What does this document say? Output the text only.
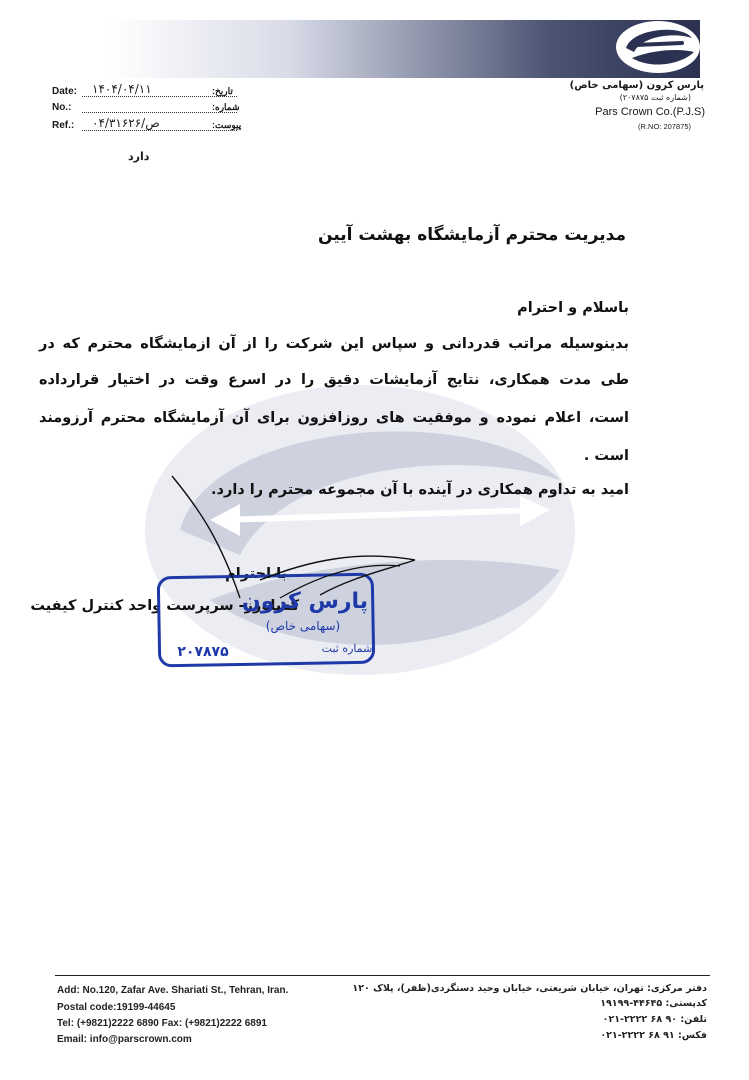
پارس کرون (سهامی خاص)
(شماره ثبت ۲۰۷۸۷۵)
Pars Crown Co.(P.J.S)
(R.NO: 207875)
Date: ۱۴۰۴/۰۴/۱۱	تاریخ:
No.:	شماره:
Ref.: ۰۴/ص/۳۱۶۲۶	پیوست:
دارد
مدیریت محترم آزمایشگاه بهشت آیین
باسلام و احترام
بدینوسیله مراتب قدردانی و سپاس این شرکت را از آن ازمایشگاه محترم که در
طی مدت همکاری، نتایج آزمایشات دقیق را در اسرع وقت در اختیار قرارداده
است، اعلام نموده و موفقیت های روزافزون برای آن آزمایشگاه محترم آرزومند
است .
امید به تداوم همکاری در آینده با آن مجموعه محترم را دارد.
با احترام
کشاورز- سرپرست واحد کنترل کیفیت
پارس کرون
(سهامی خاص)
شماره ثبت
۲۰۷۸۷۵
Add: No.120, Zafar Ave. Shariati St., Tehran, Iran.
Postal code:19199-44645
Tel: (+9821)2222 6890 Fax: (+9821)2222 6891
Email: info@parscrown.com
دفتر مرکزی: تهران، خیابان شریعتی، خیابان وحید دستگردی(ظفر)، پلاک ۱۲۰
کدپستی: ۴۴۶۴۵-۱۹۱۹۹
تلفن: ۹۰ ۶۸ ۲۲۲۲-۰۲۱
فکس: ۹۱ ۶۸ ۲۲۲۲-۰۲۱
